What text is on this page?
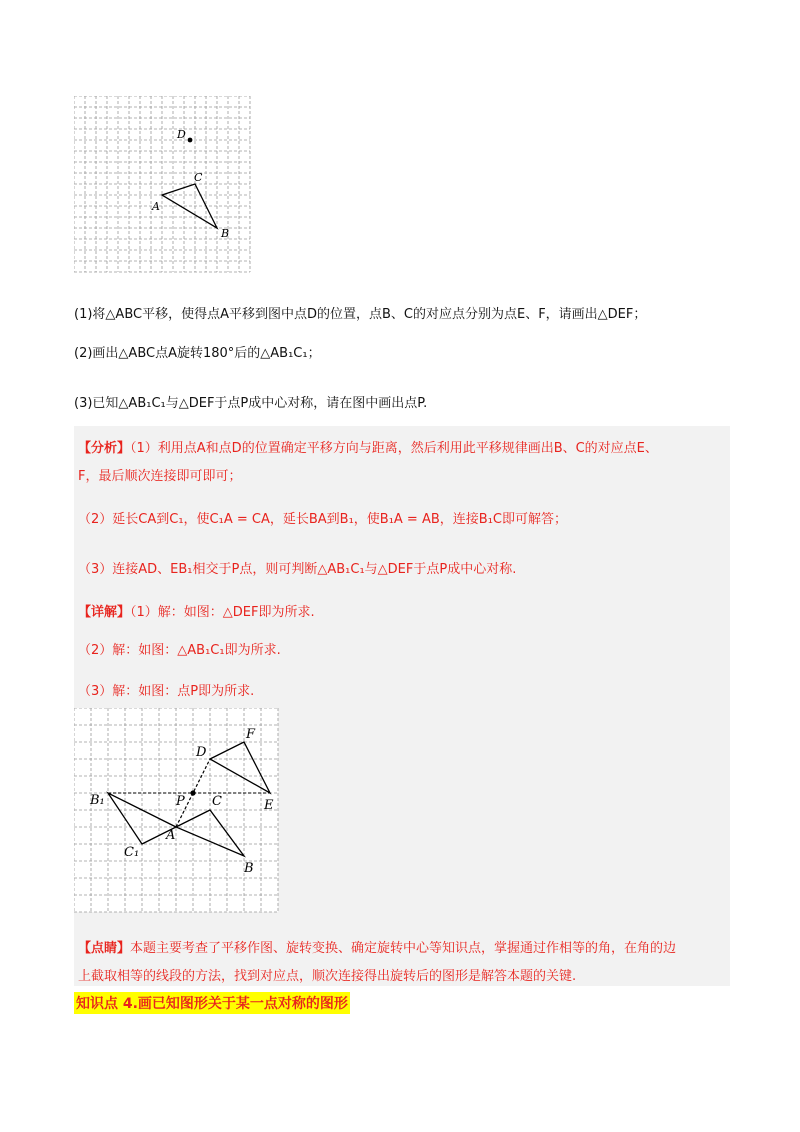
D
C
A
B
(1)将△ABC平移，使得点A平移到图中点D的位置，点B、C的对应点分别为点E、F，请画出△DEF；
(2)画出△ABC点A旋转180°后的△AB₁C₁；
(3)已知△AB₁C₁与△DEF于点P成中心对称，请在图中画出点P.
【分析】（1）利用点A和点D的位置确定平移方向与距离，然后利用此平移规律画出B、C的对应点E、
F，最后顺次连接即可即可；
（2）延长CA到C₁，使C₁A = CA，延长BA到B₁，使B₁A = AB，连接B₁C即可解答；
（3）连接AD、EB₁相交于P点，则可判断△AB₁C₁与△DEF于点P成中心对称.
【详解】（1）解：如图：△DEF即为所求.
（2）解：如图：△AB₁C₁即为所求.
（3）解：如图：点P即为所求.
D
F
B₁	P C	E
A
C₁
B
【点睛】本题主要考查了平移作图、旋转变换、确定旋转中心等知识点，掌握通过作相等的角，在角的边
上截取相等的线段的方法，找到对应点，顺次连接得出旋转后的图形是解答本题的关键.
知识点 4.画已知图形关于某一点对称的图形
